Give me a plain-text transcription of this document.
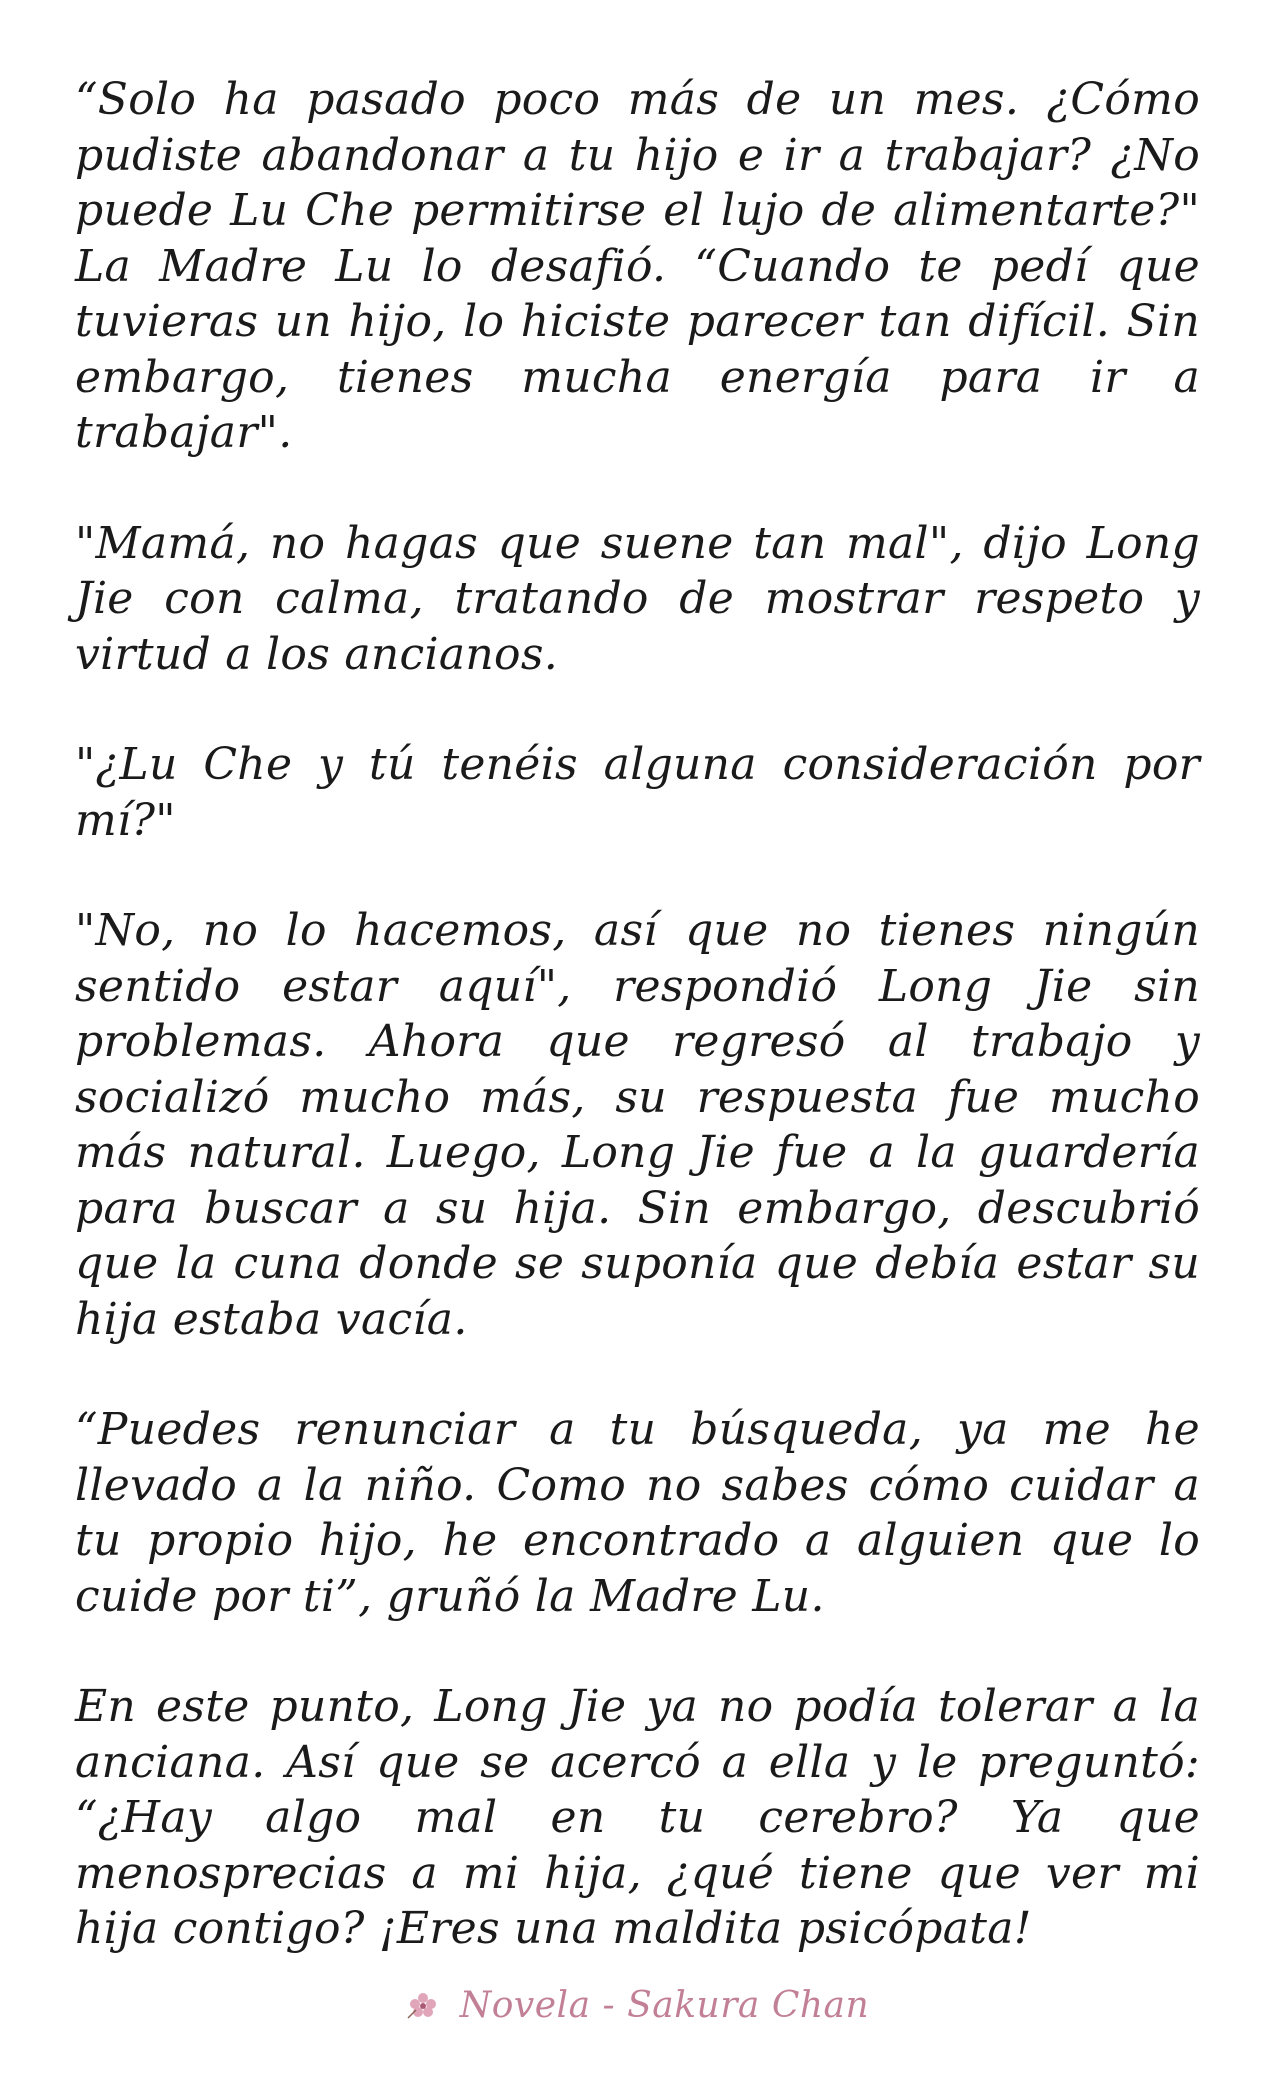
“Solo ha pasado poco más de un mes. ¿Cómo pudiste abandonar a tu hijo e ir a trabajar? ¿No puede Lu Che permitirse el lujo de alimentarte?" La Madre Lu lo desafió. “Cuando te pedí que tuvieras un hijo, lo hiciste parecer tan difícil. Sin embargo, tienes mucha energía para ir a trabajar".

"Mamá, no hagas que suene tan mal", dijo Long Jie con calma, tratando de mostrar respeto y virtud a los ancianos.

"¿Lu Che y tú tenéis alguna consideración por mí?"

"No, no lo hacemos, así que no tienes ningún sentido estar aquí", respondió Long Jie sin problemas. Ahora que regresó al trabajo y socializó mucho más, su respuesta fue mucho más natural. Luego, Long Jie fue a la guardería para buscar a su hija. Sin embargo, descubrió que la cuna donde se suponía que debía estar su hija estaba vacía.

“Puedes renunciar a tu búsqueda, ya me he llevado a la niño. Como no sabes cómo cuidar a tu propio hijo, he encontrado a alguien que lo cuide por ti”, gruñó la Madre Lu.

En este punto, Long Jie ya no podía tolerar a la anciana. Así que se acercó a ella y le preguntó: “¿Hay algo mal en tu cerebro? Ya que menosprecias a mi hija, ¿qué tiene que ver mi hija contigo? ¡Eres una maldita psicópata!

Novela - Sakura Chan
